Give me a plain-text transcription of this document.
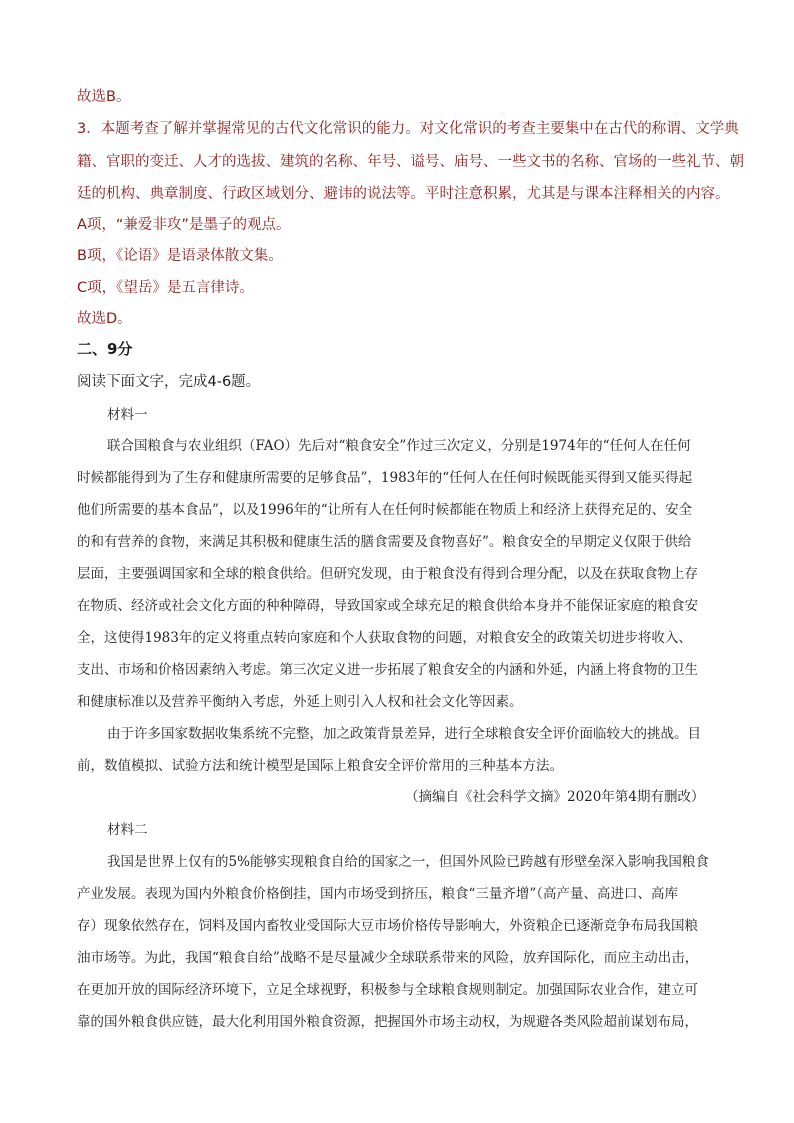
故选B。
3．本题考查了解并掌握常见的古代文化常识的能力。对文化常识的考查主要集中在古代的称谓、文学典
籍、官职的变迁、人才的选拔、建筑的名称、年号、谥号、庙号、一些文书的名称、官场的一些礼节、朝
廷的机构、典章制度、行政区域划分、避讳的说法等。平时注意积累，尤其是与课本注释相关的内容。
A项，“兼爱非攻”是墨子的观点。
B项，《论语》是语录体散文集。
C项，《望岳》是五言律诗。
故选D。
二、9分
阅读下面文字，完成4-6题。
材料一
联合国粮食与农业组织（FAO）先后对“粮食安全”作过三次定义，分别是1974年的“任何人在任何
时候都能得到为了生存和健康所需要的足够食品”，1983年的“任何人在任何时候既能买得到又能买得起
他们所需要的基本食品”，以及1996年的“让所有人在任何时候都能在物质上和经济上获得充足的、安全
的和有营养的食物，来满足其积极和健康生活的膳食需要及食物喜好”。粮食安全的早期定义仅限于供给
层面，主要强调国家和全球的粮食供给。但研究发现，由于粮食没有得到合理分配，以及在获取食物上存
在物质、经济或社会文化方面的种种障碍，导致国家或全球充足的粮食供给本身并不能保证家庭的粮食安
全，这使得1983年的定义将重点转向家庭和个人获取食物的问题，对粮食安全的政策关切进步将收入、
支出、市场和价格因素纳入考虑。第三次定义进一步拓展了粮食安全的内涵和外延，内涵上将食物的卫生
和健康标准以及营养平衡纳入考虑，外延上则引入人权和社会文化等因素。
由于许多国家数据收集系统不完整，加之政策背景差异，进行全球粮食安全评价面临较大的挑战。目
前，数值模拟、试验方法和统计模型是国际上粮食安全评价常用的三种基本方法。
（摘编自《社会科学文摘》2020年第4期有删改）
材料二
我国是世界上仅有的5%能够实现粮食自给的国家之一，但国外风险已跨越有形壁垒深入影响我国粮食
产业发展。表现为国内外粮食价格倒挂，国内市场受到挤压，粮食“三量齐增”（高产量、高进口、高库
存）现象依然存在，饲料及国内畜牧业受国际大豆市场价格传导影响大，外资粮企已逐渐竞争布局我国粮
油市场等。为此，我国“粮食自给”战略不是尽量减少全球联系带来的风险，放弃国际化，而应主动出击，
在更加开放的国际经济环境下，立足全球视野，积极参与全球粮食规则制定。加强国际农业合作，建立可
靠的国外粮食供应链，最大化利用国外粮食资源，把握国外市场主动权，为规避各类风险超前谋划布局，
